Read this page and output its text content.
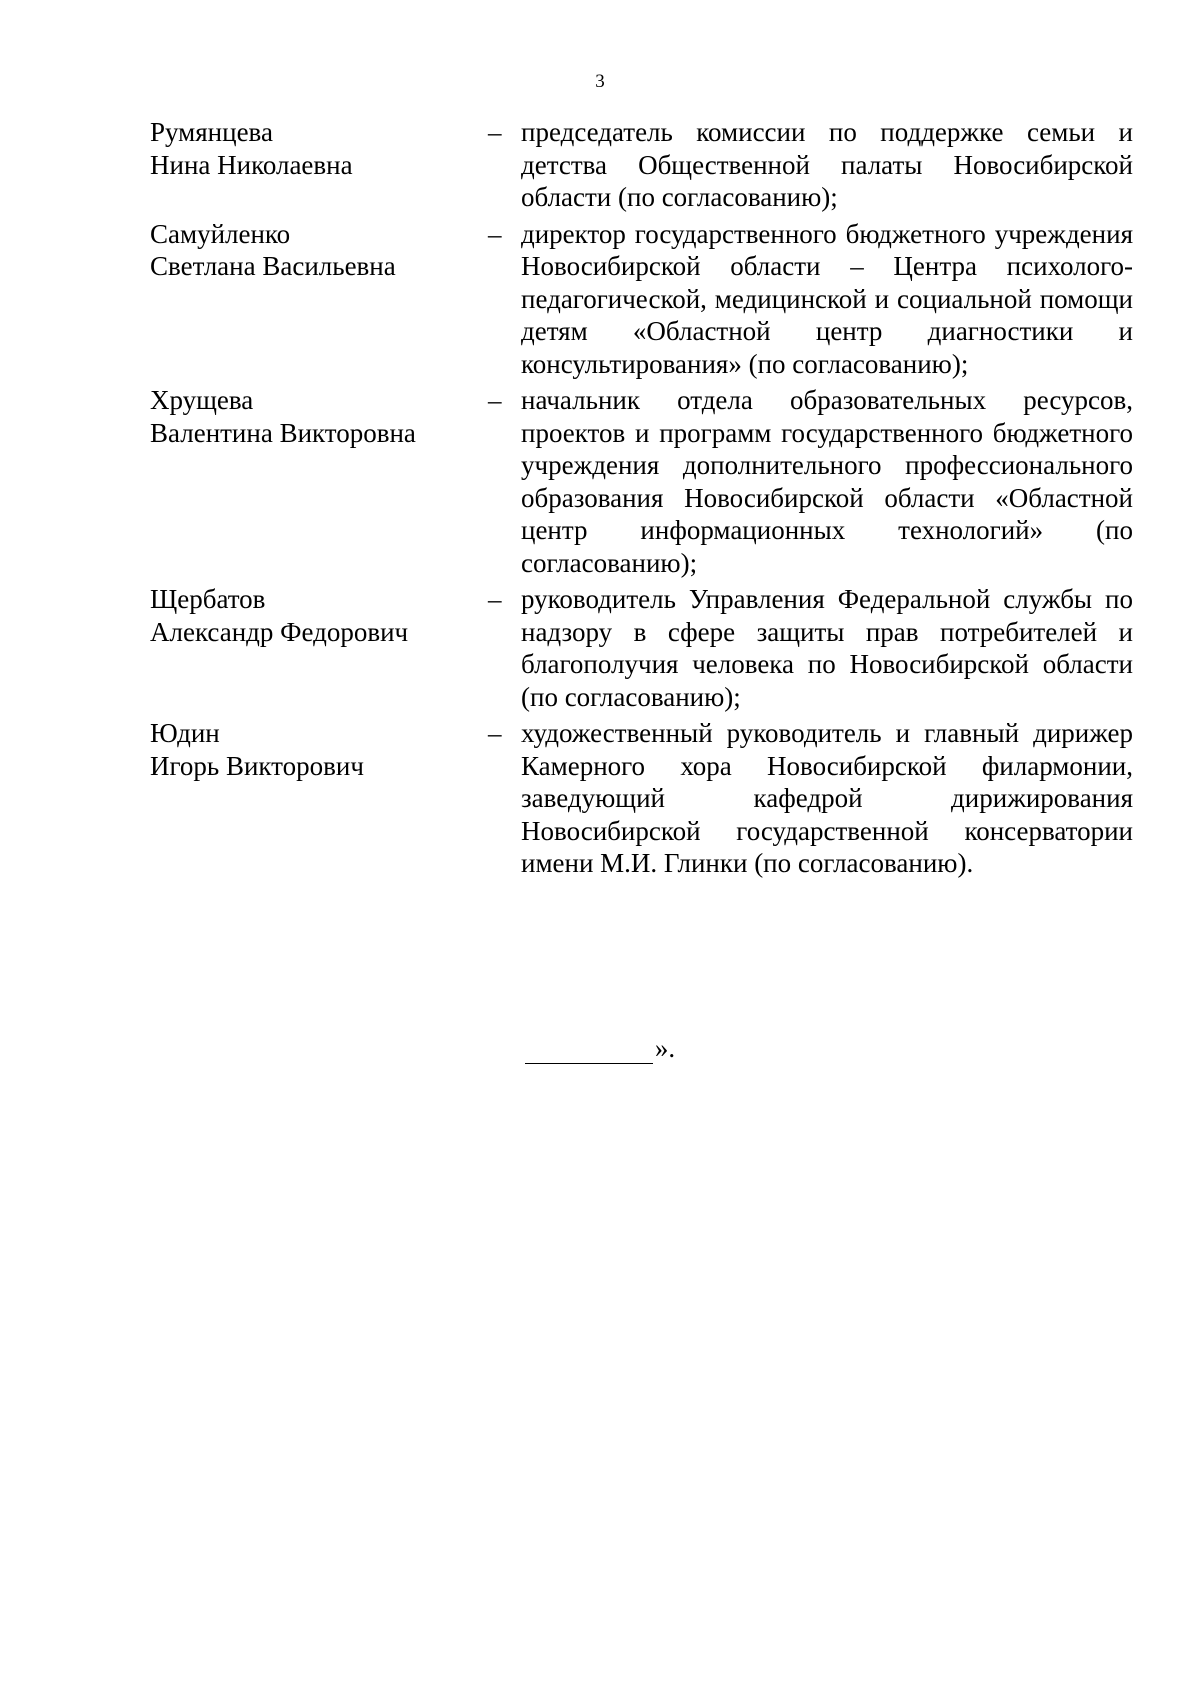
3
Румянцева
Нина Николаевна
– председатель комиссии по поддержке семьи и детства Общественной палаты Новосибирской области (по согласованию);
Самуйленко
Светлана Васильевна
– директор государственного бюджетного учреждения Новосибирской области – Центра психолого-педагогической, медицинской и социальной помощи детям «Областной центр диагностики и консультирования» (по согласованию);
Хрущева
Валентина Викторовна
– начальник отдела образовательных ресурсов, проектов и программ государственного бюджетного учреждения дополнительного профессионального образования Новосибирской области «Областной центр информационных технологий» (по согласованию);
Щербатов
Александр Федорович
– руководитель Управления Федеральной службы по надзору в сфере защиты прав потребителей и благополучия человека по Новосибирской области (по согласованию);
Юдин
Игорь Викторович
– художественный руководитель и главный дирижер Камерного хора Новосибирской филармонии, заведующий кафедрой дирижирования Новосибирской государственной консерватории имени М.И. Глинки (по согласованию).
».
